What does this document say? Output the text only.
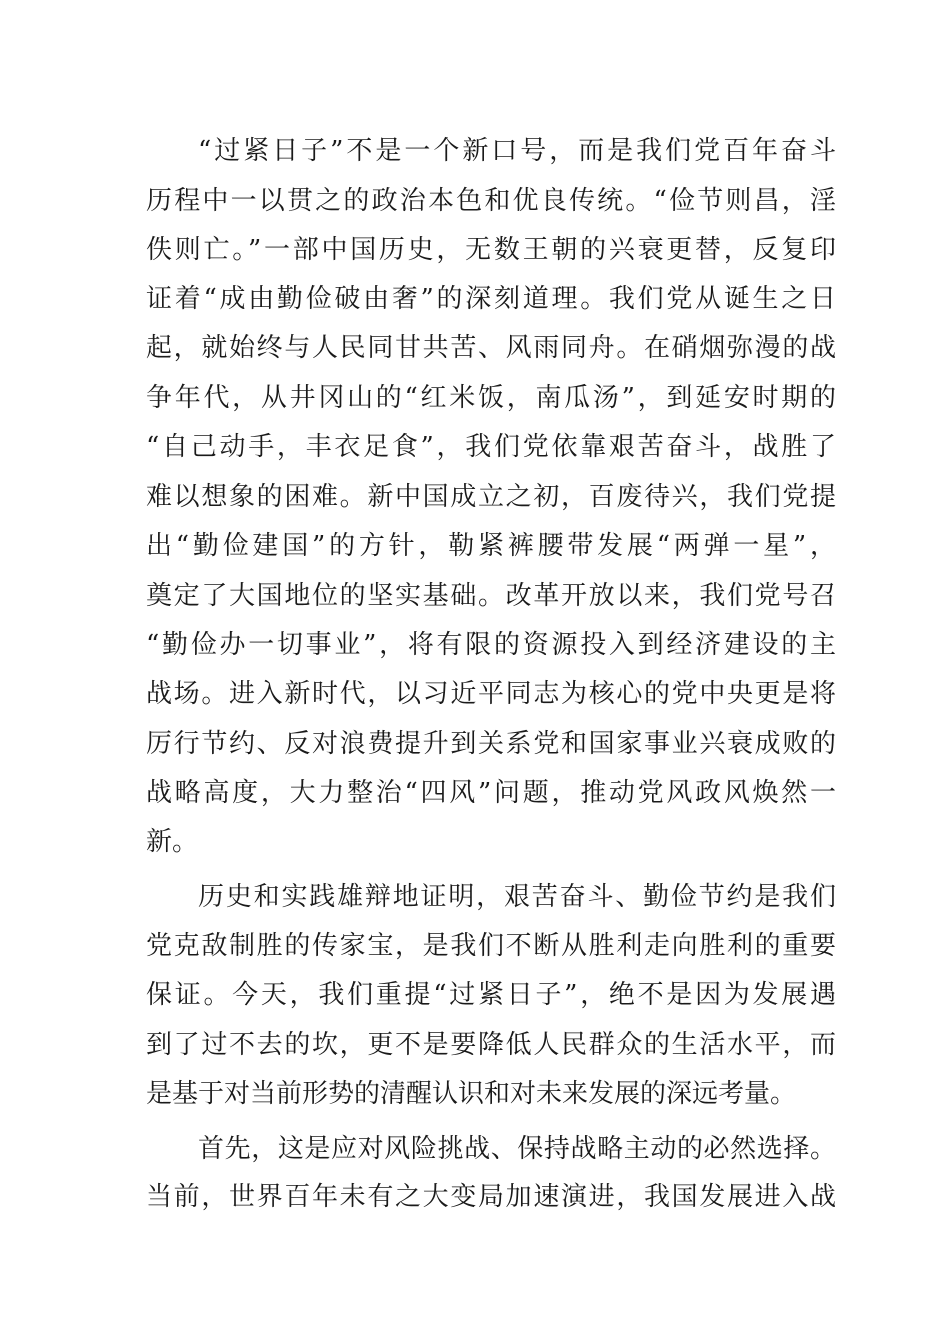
“过紧日子”不是一个新口号，而是我们党百年奋斗
历程中一以贯之的政治本色和优良传统。“俭节则昌，淫
佚则亡。”一部中国历史，无数王朝的兴衰更替，反复印
证着“成由勤俭破由奢”的深刻道理。我们党从诞生之日
起，就始终与人民同甘共苦、风雨同舟。在硝烟弥漫的战
争年代，从井冈山的“红米饭，南瓜汤”，到延安时期的
“自己动手，丰衣足食”，我们党依靠艰苦奋斗，战胜了
难以想象的困难。新中国成立之初，百废待兴，我们党提
出“勤俭建国”的方针，勒紧裤腰带发展“两弹一星”，
奠定了大国地位的坚实基础。改革开放以来，我们党号召
“勤俭办一切事业”，将有限的资源投入到经济建设的主
战场。进入新时代，以习近平同志为核心的党中央更是将
厉行节约、反对浪费提升到关系党和国家事业兴衰成败的
战略高度，大力整治“四风”问题，推动党风政风焕然一
新。
历史和实践雄辩地证明，艰苦奋斗、勤俭节约是我们
党克敌制胜的传家宝，是我们不断从胜利走向胜利的重要
保证。今天，我们重提“过紧日子”，绝不是因为发展遇
到了过不去的坎，更不是要降低人民群众的生活水平，而
是基于对当前形势的清醒认识和对未来发展的深远考量。
首先，这是应对风险挑战、保持战略主动的必然选择。
当前，世界百年未有之大变局加速演进，我国发展进入战
